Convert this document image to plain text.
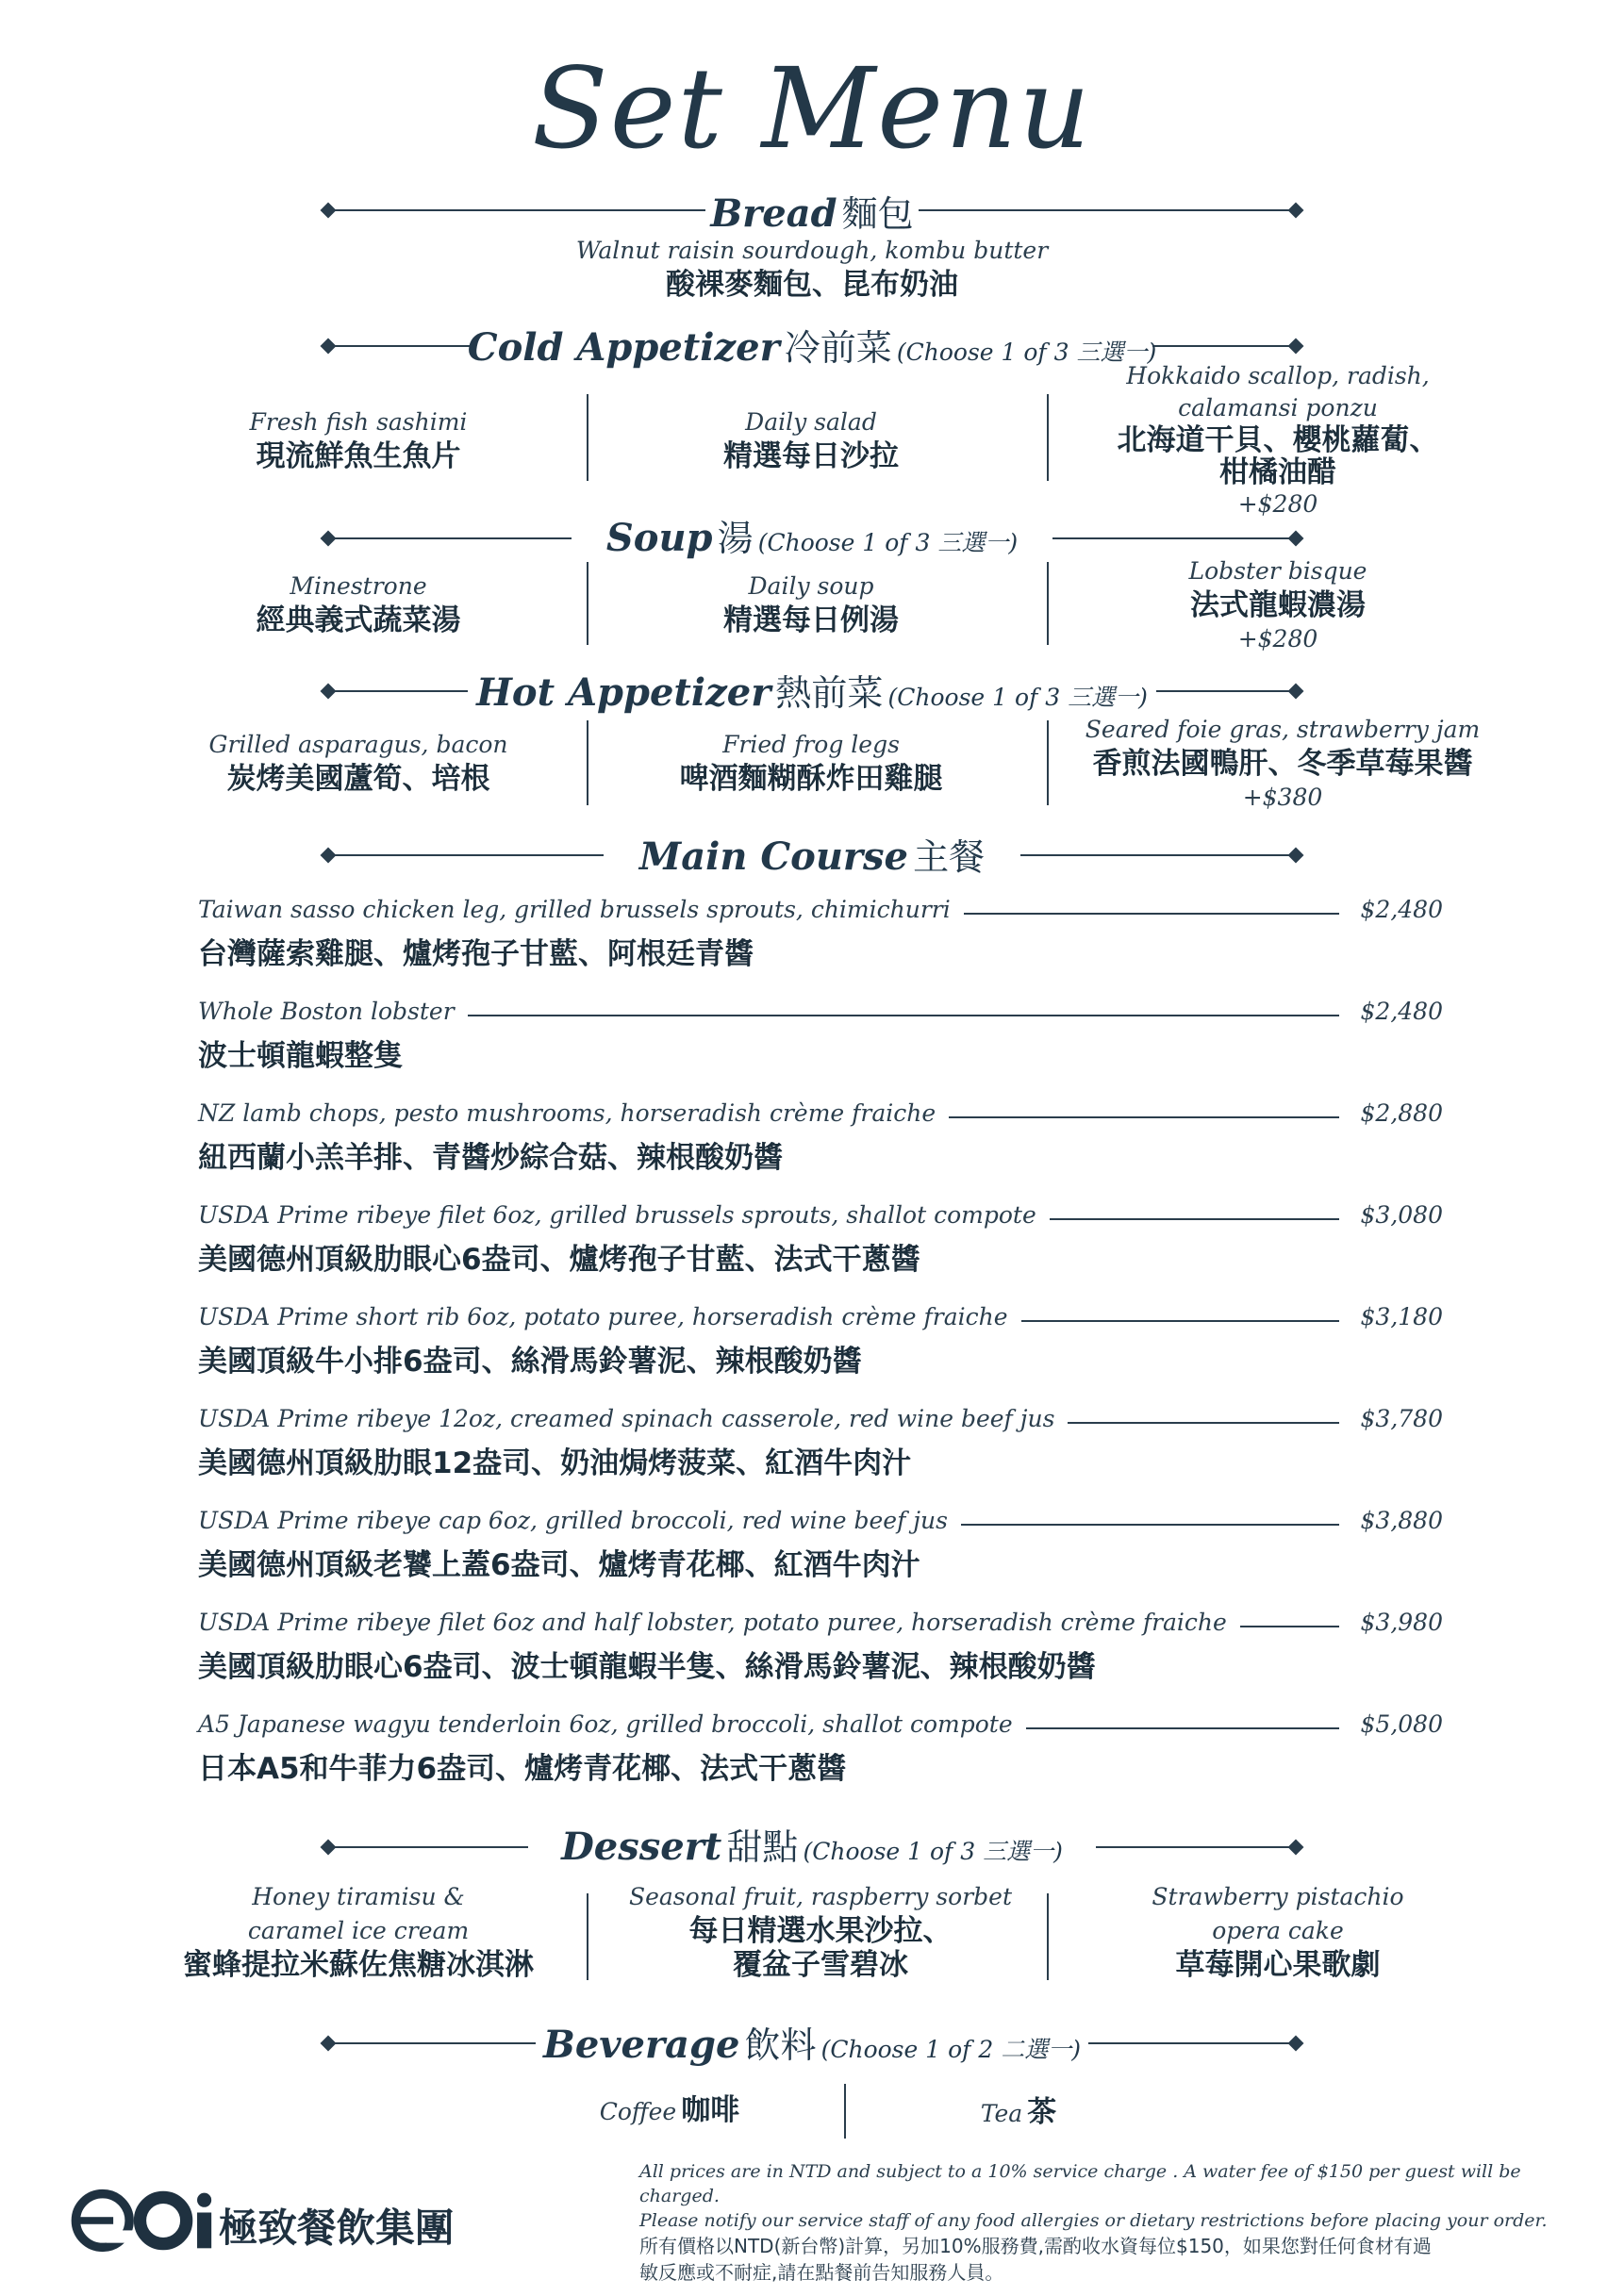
Set Menu
Bread 麵包
Walnut raisin sourdough, kombu butter
酸裸麥麵包、昆布奶油
Cold Appetizer 冷前菜 (Choose 1 of 3 三選一)
Fresh fish sashimi
現流鮮魚生魚片
Daily salad
精選每日沙拉
Hokkaido scallop, radish,
calamansi ponzu
北海道干貝、櫻桃蘿蔔、
柑橘油醋
+$280
Soup 湯 (Choose 1 of 3 三選一)
Minestrone
經典義式蔬菜湯
Daily soup
精選每日例湯
Lobster bisque
法式龍蝦濃湯
+$280
Hot Appetizer 熱前菜 (Choose 1 of 3 三選一)
Grilled asparagus, bacon
炭烤美國蘆筍、培根
Fried frog legs
啤酒麵糊酥炸田雞腿
Seared foie gras, strawberry jam
香煎法國鴨肝、冬季草莓果醬
+$380
Main Course 主餐
Taiwan sasso chicken leg, grilled brussels sprouts, chimichurri	$2,480
台灣薩索雞腿、爐烤孢子甘藍、阿根廷青醬
Whole Boston lobster	$2,480
波士頓龍蝦整隻
NZ lamb chops, pesto mushrooms, horseradish crème fraiche	$2,880
紐西蘭小羔羊排、青醬炒綜合菇、辣根酸奶醬
USDA Prime ribeye filet 6oz, grilled brussels sprouts, shallot compote	$3,080
美國德州頂級肋眼心6盎司、爐烤孢子甘藍、法式干蔥醬
USDA Prime short rib 6oz, potato puree, horseradish crème fraiche	$3,180
美國頂級牛小排6盎司、絲滑馬鈴薯泥、辣根酸奶醬
USDA Prime ribeye 12oz, creamed spinach casserole, red wine beef jus	$3,780
美國德州頂級肋眼12盎司、奶油焗烤菠菜、紅酒牛肉汁
USDA Prime ribeye cap 6oz, grilled broccoli, red wine beef jus	$3,880
美國德州頂級老饕上蓋6盎司、爐烤青花椰、紅酒牛肉汁
USDA Prime ribeye filet 6oz and half lobster, potato puree, horseradish crème fraiche	$3,980
美國頂級肋眼心6盎司、波士頓龍蝦半隻、絲滑馬鈴薯泥、辣根酸奶醬
A5 Japanese wagyu tenderloin 6oz, grilled broccoli, shallot compote	$5,080
日本A5和牛菲力6盎司、爐烤青花椰、法式干蔥醬
Dessert 甜點 (Choose 1 of 3 三選一)
Honey tiramisu &
caramel ice cream
蜜蜂提拉米蘇佐焦糖冰淇淋
Seasonal fruit, raspberry sorbet
每日精選水果沙拉、
覆盆子雪碧冰
Strawberry pistachio
opera cake
草莓開心果歌劇
Beverage 飲料 (Choose 1 of 2 二選一)
Coffee 咖啡	Tea 茶
極致餐飲集團
All prices are in NTD and subject to a 10% service charge . A water fee of $150 per guest will be charged.
Please notify our service staff of any food allergies or dietary restrictions before placing your order.
所有價格以NTD(新台幣)計算，另加10%服務費,需酌收水資每位$150，如果您對任何食材有過
敏反應或不耐症,請在點餐前告知服務人員。
